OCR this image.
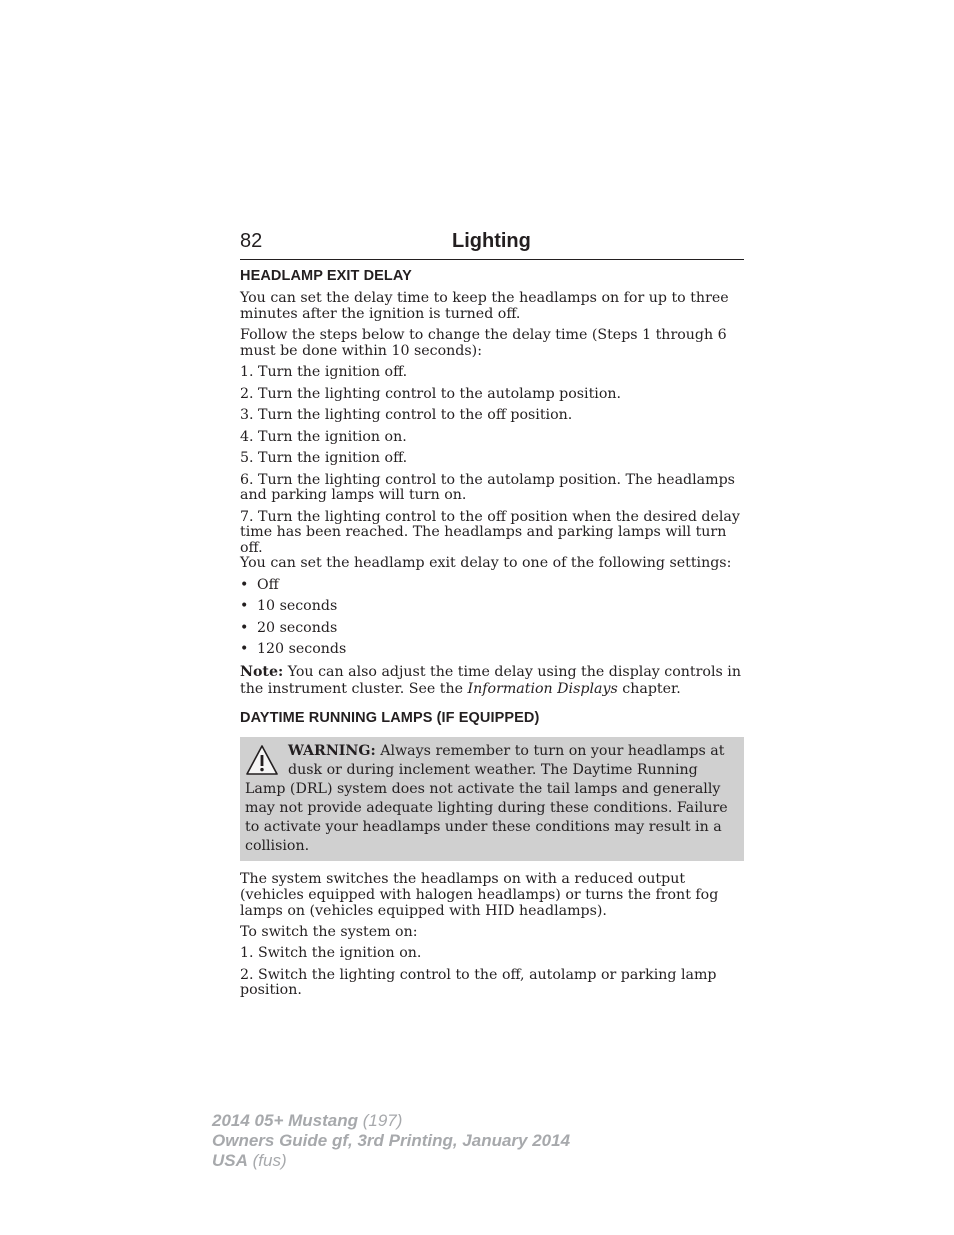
82	Lighting
HEADLAMP EXIT DELAY

You can set the delay time to keep the headlamps on for up to three minutes after the ignition is turned off.

Follow the steps below to change the delay time (Steps 1 through 6 must be done within 10 seconds):

1. Turn the ignition off.

2. Turn the lighting control to the autolamp position.

3. Turn the lighting control to the off position.

4. Turn the ignition on.

5. Turn the ignition off.

6. Turn the lighting control to the autolamp position. The headlamps and parking lamps will turn on.

7. Turn the lighting control to the off position when the desired delay time has been reached. The headlamps and parking lamps will turn off.

You can set the headlamp exit delay to one of the following settings:

• Off
• 10 seconds
• 20 seconds
• 120 seconds

Note: You can also adjust the time delay using the display controls in the instrument cluster. See the Information Displays chapter.

DAYTIME RUNNING LAMPS (IF EQUIPPED)
WARNING: Always remember to turn on your headlamps at dusk or during inclement weather. The Daytime Running Lamp (DRL) system does not activate the tail lamps and generally may not provide adequate lighting during these conditions. Failure to activate your headlamps under these conditions may result in a collision.

The system switches the headlamps on with a reduced output (vehicles equipped with halogen headlamps) or turns the front fog lamps on (vehicles equipped with HID headlamps).

To switch the system on:

1. Switch the ignition on.

2. Switch the lighting control to the off, autolamp or parking lamp position.

2014 05+ Mustang (197)
Owners Guide gf, 3rd Printing, January 2014
USA (fus)
